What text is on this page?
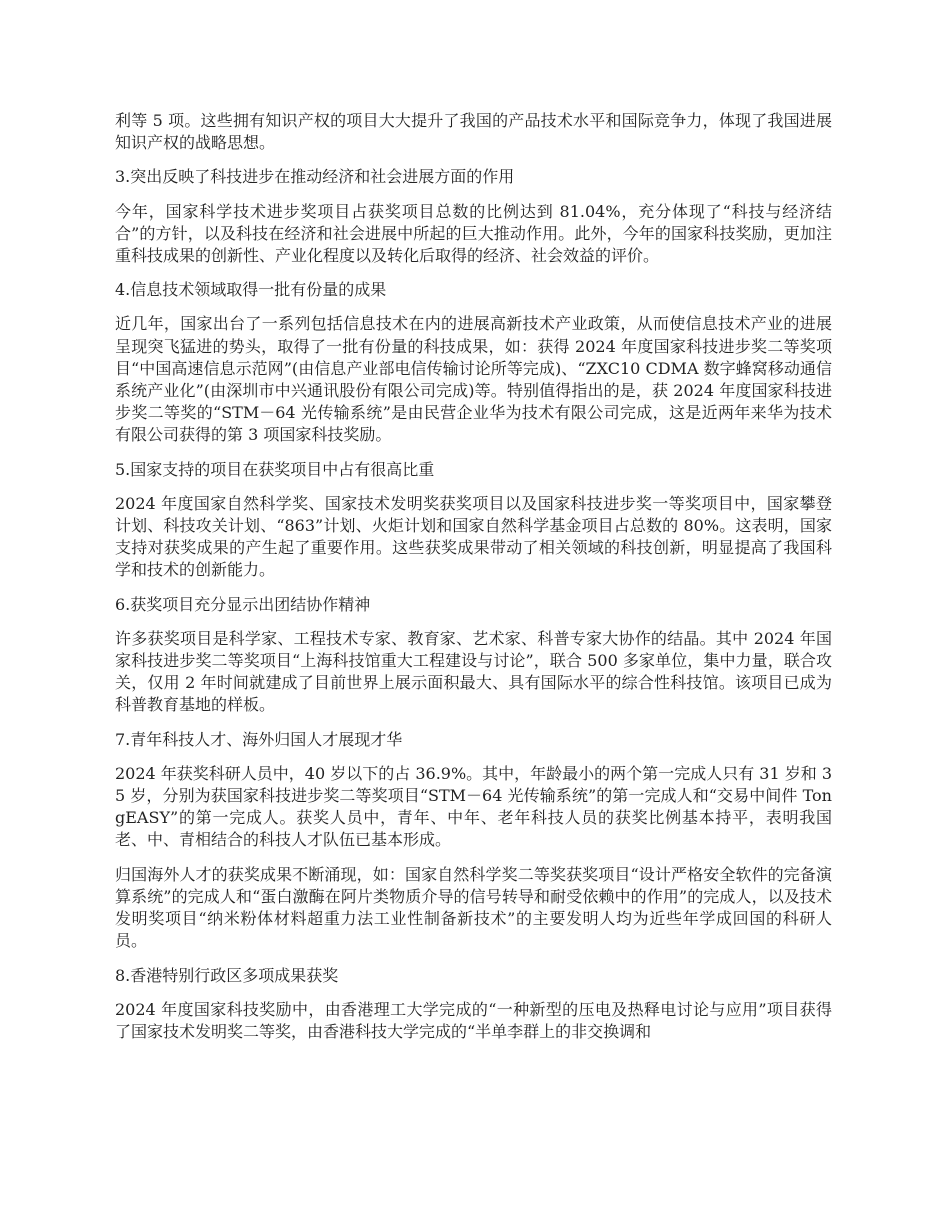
利等 5 项。这些拥有知识产权的项目大大提升了我国的产品技术水平和国际竞争力，体现了我国进展知识产权的战略思想。

3.突出反映了科技进步在推动经济和社会进展方面的作用

今年，国家科学技术进步奖项目占获奖项目总数的比例达到 81.04%，充分体现了“科技与经济结合”的方针，以及科技在经济和社会进展中所起的巨大推动作用。此外，今年的国家科技奖励，更加注重科技成果的创新性、产业化程度以及转化后取得的经济、社会效益的评价。

4.信息技术领域取得一批有份量的成果

近几年，国家出台了一系列包括信息技术在内的进展高新技术产业政策，从而使信息技术产业的进展呈现突飞猛进的势头，取得了一批有份量的科技成果，如：获得 2024 年度国家科技进步奖二等奖项目“中国高速信息示范网”(由信息产业部电信传输讨论所等完成)、“ZXC10 CDMA 数字蜂窝移动通信系统产业化”(由深圳市中兴通讯股份有限公司完成)等。特别值得指出的是，获 2024 年度国家科技进步奖二等奖的“STM－64 光传输系统”是由民营企业华为技术有限公司完成，这是近两年来华为技术有限公司获得的第 3 项国家科技奖励。

5.国家支持的项目在获奖项目中占有很高比重

2024 年度国家自然科学奖、国家技术发明奖获奖项目以及国家科技进步奖一等奖项目中，国家攀登计划、科技攻关计划、“863”计划、火炬计划和国家自然科学基金项目占总数的 80%。这表明，国家支持对获奖成果的产生起了重要作用。这些获奖成果带动了相关领域的科技创新，明显提高了我国科学和技术的创新能力。

6.获奖项目充分显示出团结协作精神

许多获奖项目是科学家、工程技术专家、教育家、艺术家、科普专家大协作的结晶。其中 2024 年国家科技进步奖二等奖项目“上海科技馆重大工程建设与讨论”，联合 500 多家单位，集中力量，联合攻关，仅用 2 年时间就建成了目前世界上展示面积最大、具有国际水平的综合性科技馆。该项目已成为科普教育基地的样板。

7.青年科技人才、海外归国人才展现才华

2024 年获奖科研人员中，40 岁以下的占 36.9%。其中，年龄最小的两个第一完成人只有 31 岁和 35 岁，分别为获国家科技进步奖二等奖项目“STM－64 光传输系统”的第一完成人和“交易中间件 TongEASY”的第一完成人。获奖人员中，青年、中年、老年科技人员的获奖比例基本持平，表明我国老、中、青相结合的科技人才队伍已基本形成。

归国海外人才的获奖成果不断涌现，如：国家自然科学奖二等奖获奖项目“设计严格安全软件的完备演算系统”的完成人和“蛋白激酶在阿片类物质介导的信号转导和耐受依赖中的作用”的完成人，以及技术发明奖项目“纳米粉体材料超重力法工业性制备新技术”的主要发明人均为近些年学成回国的科研人员。

8.香港特别行政区多项成果获奖

2024 年度国家科技奖励中，由香港理工大学完成的“一种新型的压电及热释电讨论与应用”项目获得了国家技术发明奖二等奖，由香港科技大学完成的“半单李群上的非交换调和
